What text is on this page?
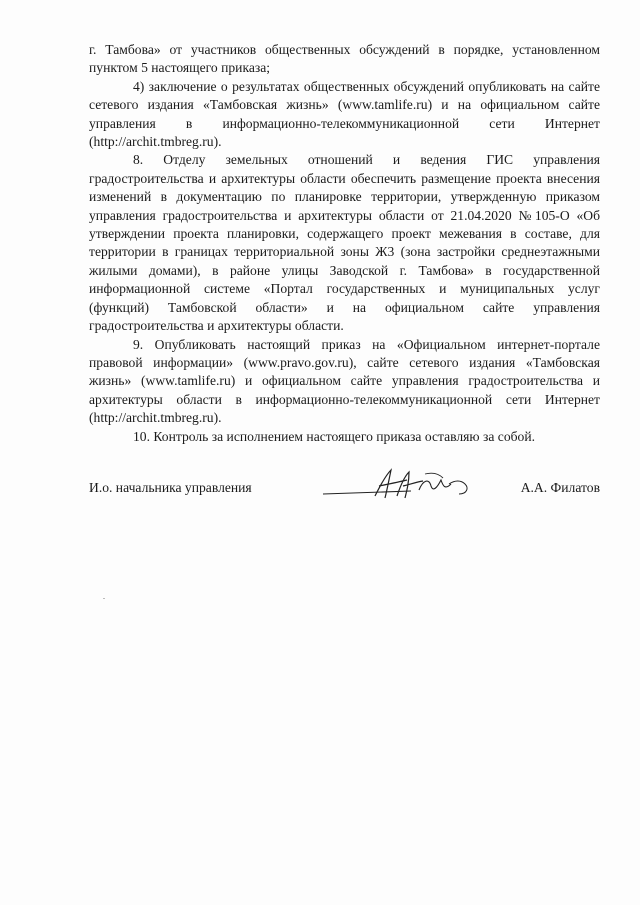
г. Тамбова» от участников общественных обсуждений в порядке, установленном пунктом 5 настоящего приказа;

4) заключение о результатах общественных обсуждений опубликовать на сайте сетевого издания «Тамбовская жизнь» (www.tamlife.ru) и на официальном сайте управления в информационно-телекоммуникационной сети Интернет (http://archit.tmbreg.ru).

8. Отделу земельных отношений и ведения ГИС управления градостроительства и архитектуры области обеспечить размещение проекта внесения изменений в документацию по планировке территории, утвержденную приказом управления градостроительства и архитектуры области от 21.04.2020 №105-О «Об утверждении проекта планировки, содержащего проект межевания в составе, для территории в границах территориальной зоны Ж3 (зона застройки среднеэтажными жилыми домами), в районе улицы Заводской г. Тамбова» в государственной информационной системе «Портал государственных и муниципальных услуг (функций) Тамбовской области» и на официальном сайте управления градостроительства и архитектуры области.

9. Опубликовать настоящий приказ на «Официальном интернет-портале правовой информации» (www.pravo.gov.ru), сайте сетевого издания «Тамбовская жизнь» (www.tamlife.ru) и официальном сайте управления градостроительства и архитектуры области в информационно-телекоммуникационной сети Интернет (http://archit.tmbreg.ru).

10. Контроль за исполнением настоящего приказа оставляю за собой.

И.о. начальника управления	А.А. Филатов
